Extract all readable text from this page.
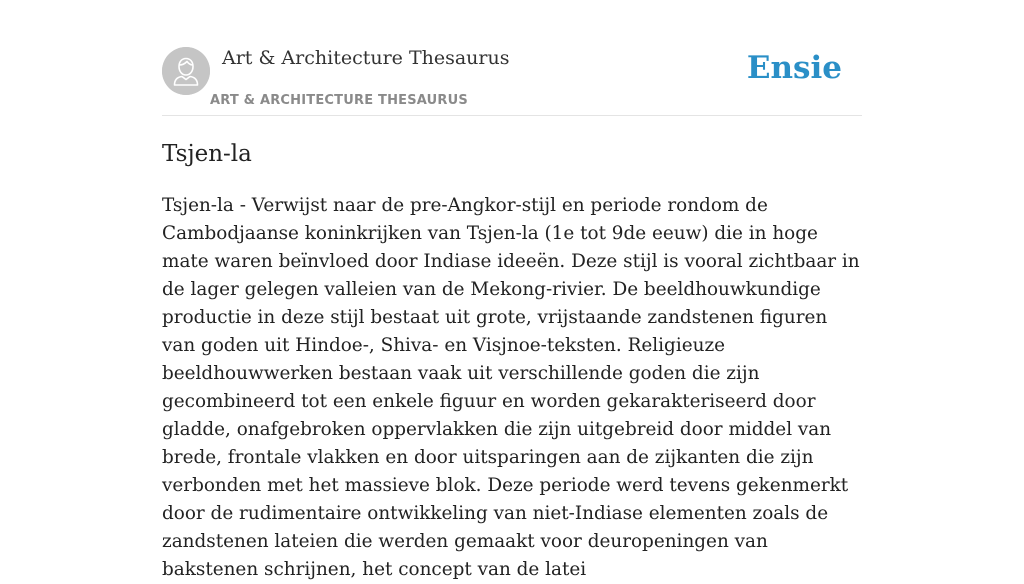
Art & Architecture Thesaurus
ART & ARCHITECTURE THESAURUS
Ensie
Tsjen-la

Tsjen-la - Verwijst naar de pre-Angkor-stijl en periode rondom de Cambodjaanse koninkrijken van Tsjen-la (1e tot 9de eeuw) die in hoge mate waren beïnvloed door Indiase ideeën. Deze stijl is vooral zichtbaar in de lager gelegen valleien van de Mekong-rivier. De beeldhouwkundige productie in deze stijl bestaat uit grote, vrijstaande zandstenen figuren van goden uit Hindoe-, Shiva- en Visjnoe-teksten. Religieuze beeldhouwwerken bestaan vaak uit verschillende goden die zijn gecombineerd tot een enkele figuur en worden gekarakteriseerd door gladde, onafgebroken oppervlakken die zijn uitgebreid door middel van brede, frontale vlakken en door uitsparingen aan de zijkanten die zijn verbonden met het massieve blok. Deze periode werd tevens gekenmerkt door de rudimentaire ontwikkeling van niet-Indiase elementen zoals de zandstenen lateien die werden gemaakt voor deuropeningen van bakstenen schrijnen, het concept van de latei
